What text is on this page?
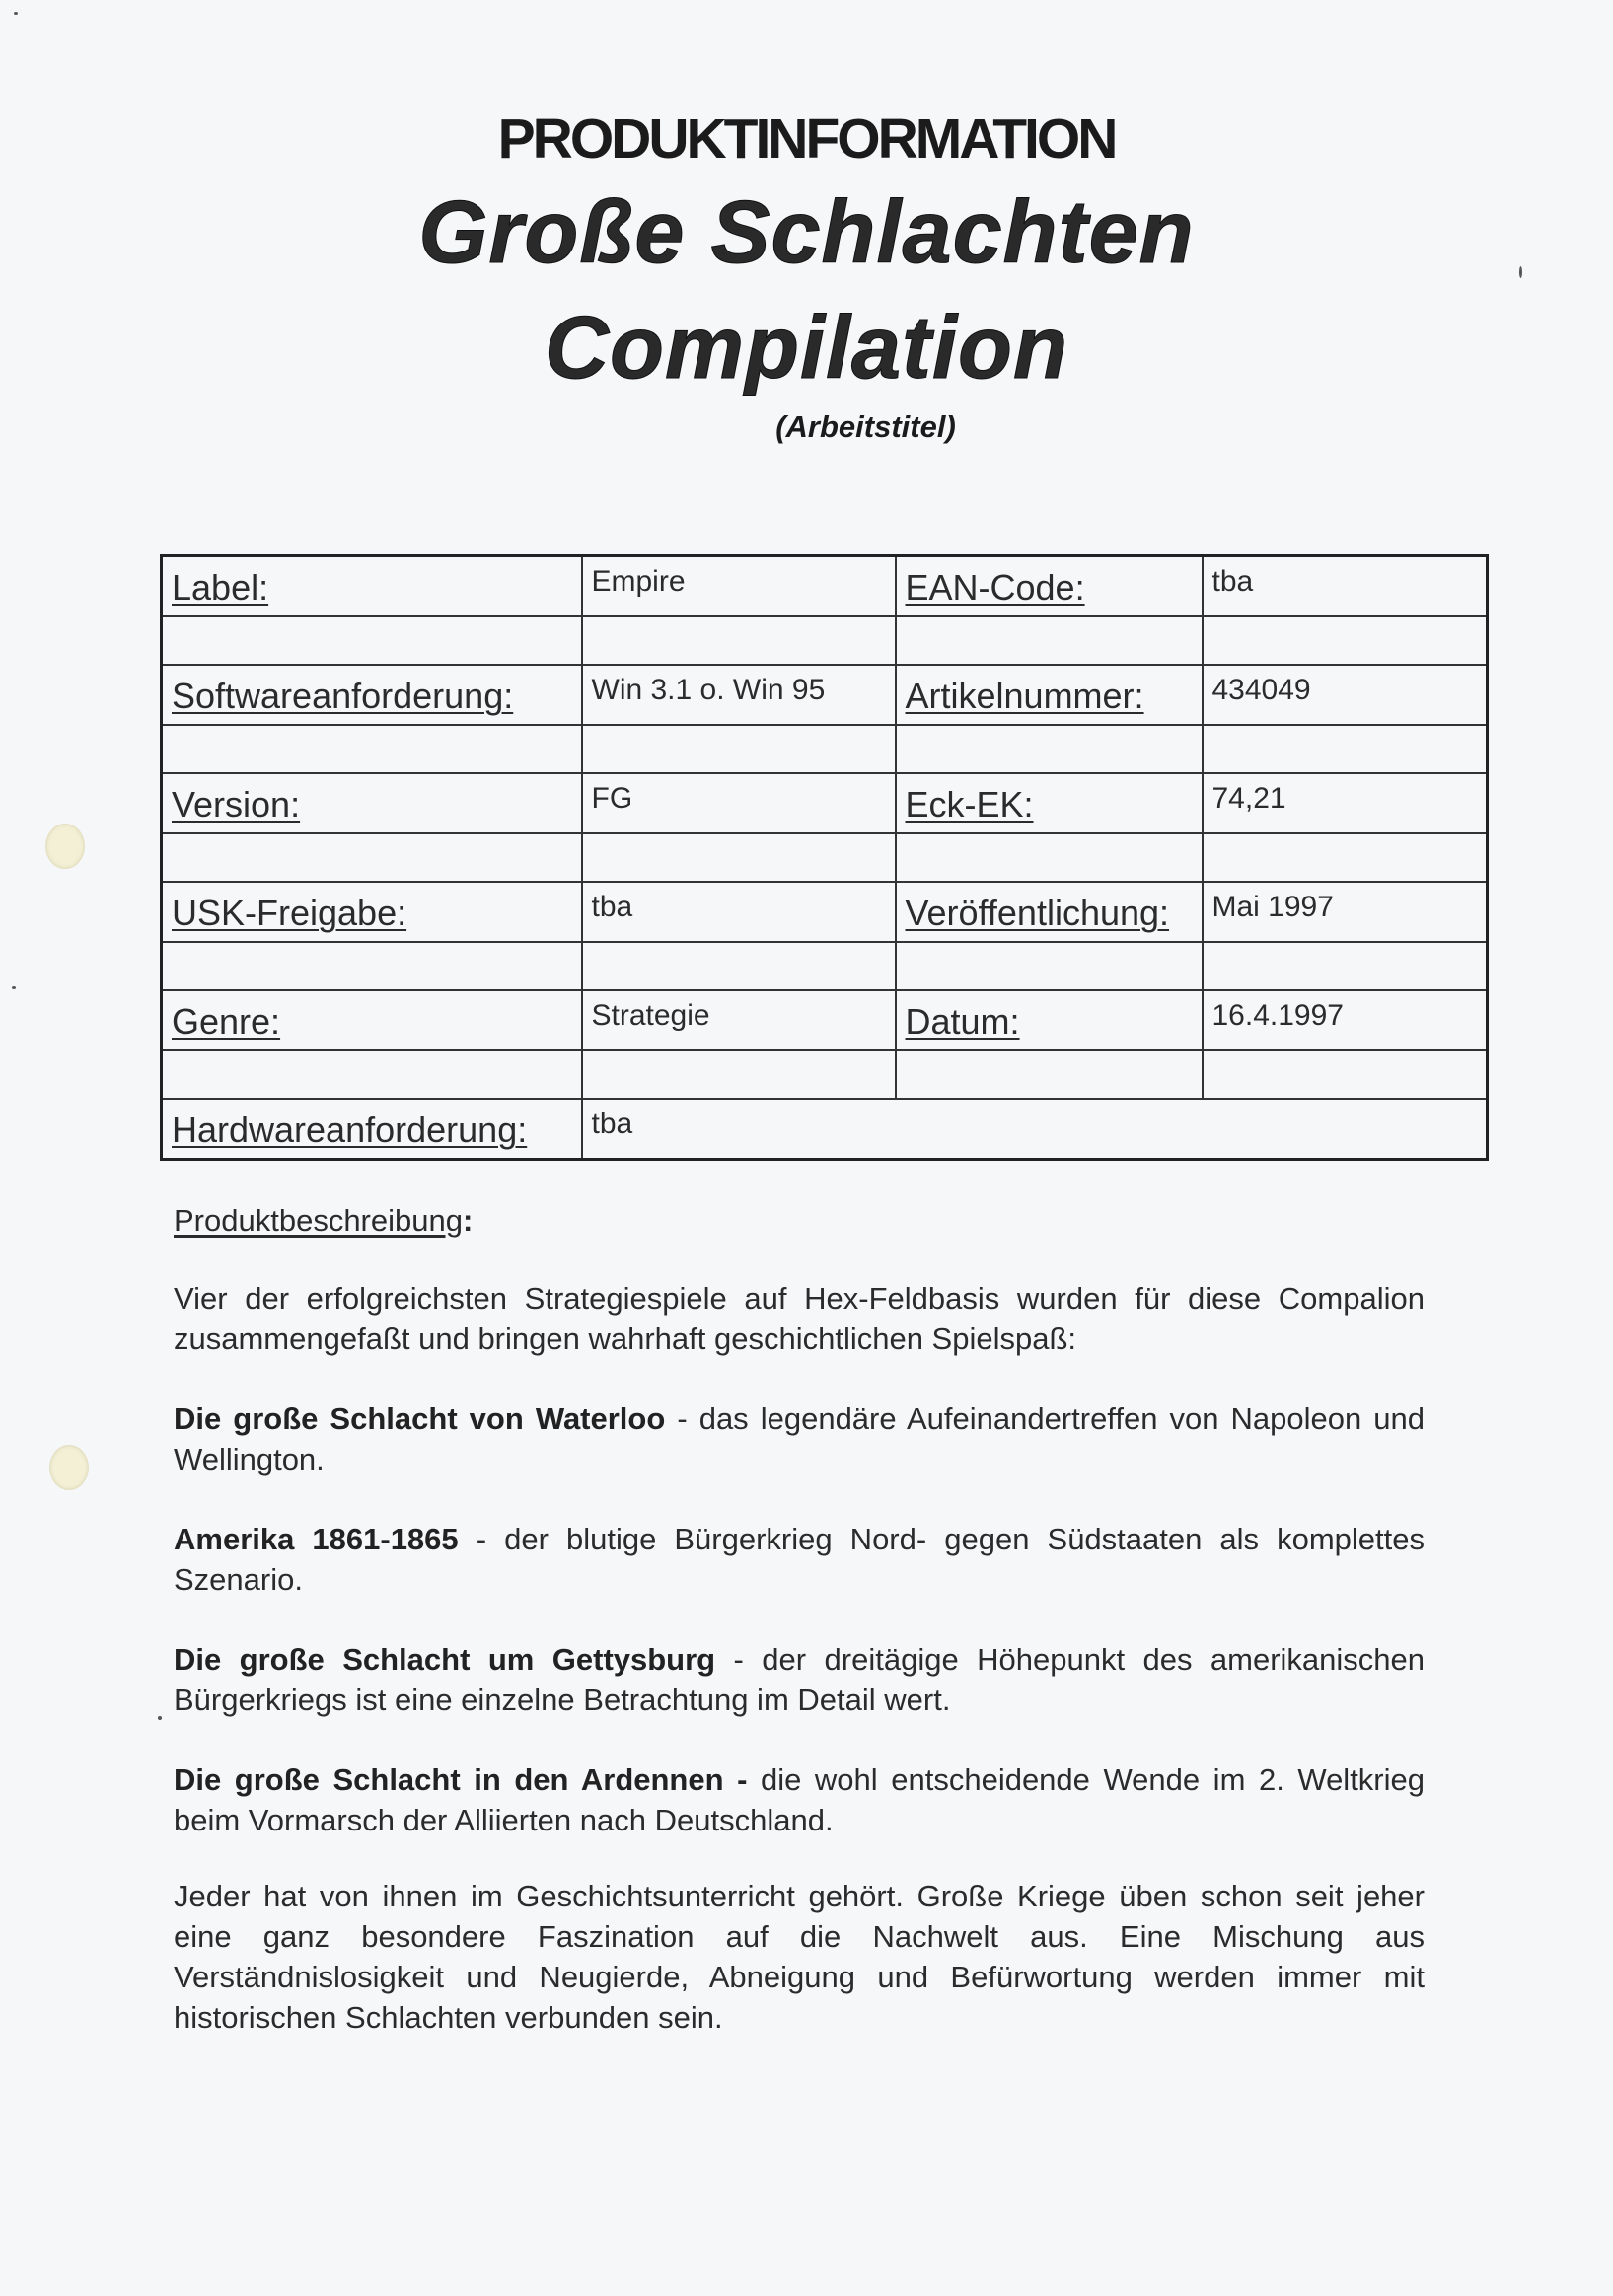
PRODUKTINFORMATION
Große Schlachten
Compilation
(Arbeitstitel)
Label:	Empire	EAN-Code:	tba

Softwareanforderung:	Win 3.1 o. Win 95	Artikelnummer:	434049

Version:	FG	Eck-EK:	74,21

USK-Freigabe:	tba	Veröffentlichung:	Mai 1997

Genre:	Strategie	Datum:	16.4.1997

Hardwareanforderung:	tba		
Produktbeschreibung:
Vier der erfolgreichsten Strategiespiele auf Hex-Feldbasis wurden für diese Compalion zusammengefaßt und bringen wahrhaft geschichtlichen Spielspaß:
Die große Schlacht von Waterloo - das legendäre Aufeinandertreffen von Napoleon und Wellington.
Amerika 1861-1865 - der blutige Bürgerkrieg Nord- gegen Südstaaten als komplettes Szenario.
Die große Schlacht um Gettysburg - der dreitägige Höhepunkt des amerikanischen Bürgerkriegs ist eine einzelne Betrachtung im Detail wert.
Die große Schlacht in den Ardennen - die wohl entscheidende Wende im 2. Weltkrieg beim Vormarsch der Alliierten nach Deutschland.
Jeder hat von ihnen im Geschichtsunterricht gehört. Große Kriege üben schon seit jeher eine ganz besondere Faszination auf die Nachwelt aus. Eine Mischung aus Verständnislosigkeit und Neugierde, Abneigung und Befürwortung werden immer mit historischen Schlachten verbunden sein.
